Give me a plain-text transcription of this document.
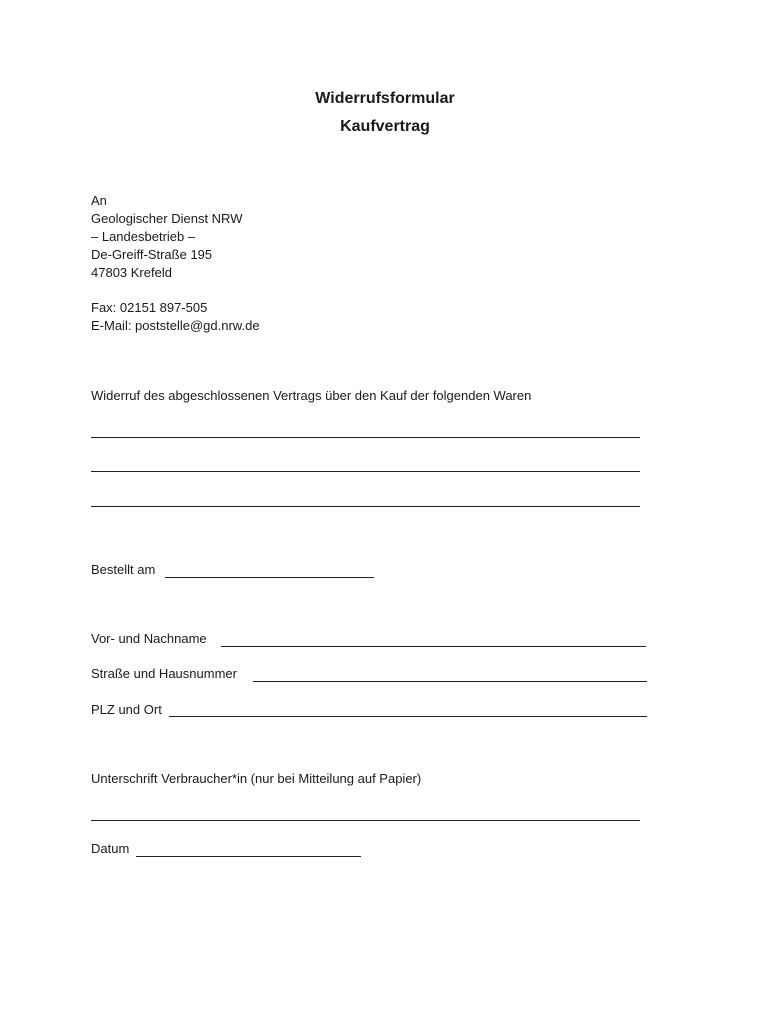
Widerrufsformular
Kaufvertrag
An
Geologischer Dienst NRW
– Landesbetrieb –
De-Greiff-Straße 195
47803 Krefeld
Fax: 02151 897-505
E-Mail: poststelle@gd.nrw.de
Widerruf des abgeschlossenen Vertrags über den Kauf der folgenden Waren
Bestellt am
Vor- und Nachname
Straße und Hausnummer
PLZ und Ort
Unterschrift Verbraucher*in (nur bei Mitteilung auf Papier)
Datum
